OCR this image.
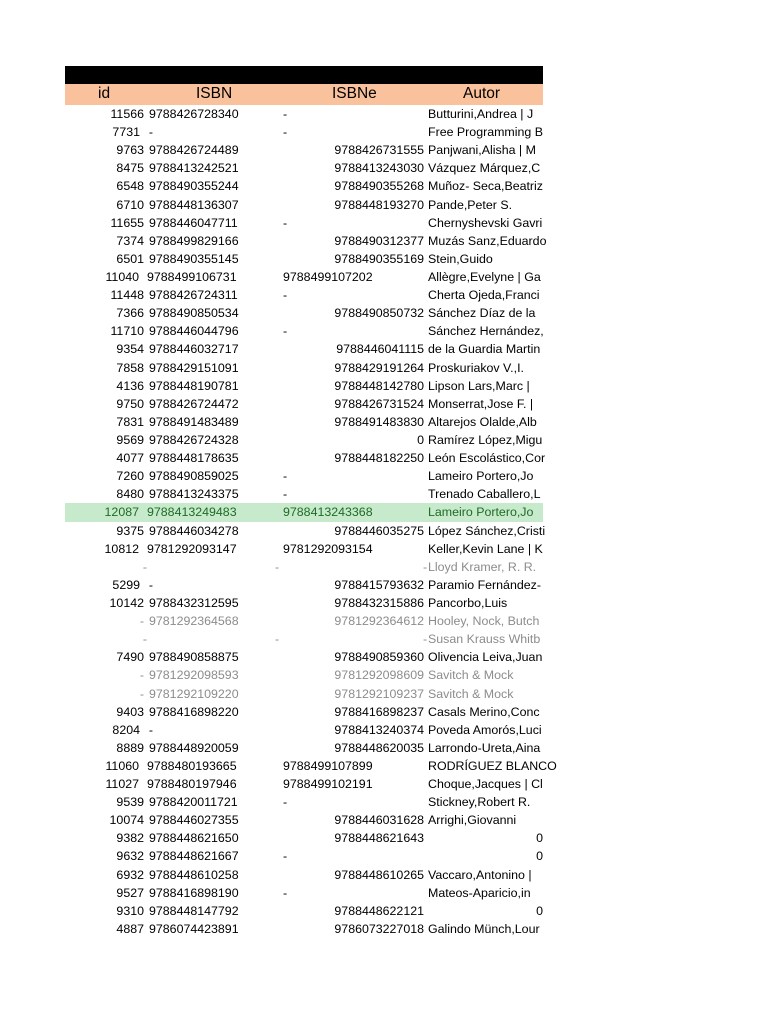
id	ISBN	ISBNe	Autor
11566 9788426728340	-	Butturini,Andrea | J
7731 -	-	Free Programming B
9763 9788426724489	9788426731555 Panjwani,Alisha | M
8475 9788413242521	9788413243030 Vázquez Márquez,C
6548 9788490355244	9788490355268 Muñoz- Seca,Beatriz
6710 9788448136307	9788448193270 Pande,Peter S.
11655 9788446047711	-	Chernyshevski Gavri
7374 9788499829166	9788490312377 Muzás Sanz,Eduardo
6501 9788490355145	9788490355169 Stein,Guido
11040 9788499106731	9788499107202	Allègre,Evelyne | Ga
11448 9788426724311	-	Cherta Ojeda,Franci
7366 9788490850534	9788490850732 Sánchez Díaz de la
11710 9788446044796	-	Sánchez Hernández,
9354 9788446032717	9788446041115 de la Guardia Martin
7858 9788429151091	9788429191264 Proskuriakov V.,I.
4136 9788448190781	9788448142780 Lipson Lars,Marc |
9750 9788426724472	9788426731524 Monserrat,Jose F. |
7831 9788491483489	9788491483830 Altarejos Olalde,Alb
9569 9788426724328	0 Ramírez López,Migu
4077 9788448178635	9788448182250 León Escolástico,Cor
7260 9788490859025	-	Lameiro Portero,Jo
8480 9788413243375	-	Trenado Caballero,L
12087 9788413249483	9788413243368	Lameiro Portero,Jo
9375 9788446034278	9788446035275 López Sánchez,Cristi
10812 9781292093147	9781292093154	Keller,Kevin Lane | K
-	-	- Lloyd Kramer, R. R.
5299 -	9788415793632 Paramio Fernández-
10142 9788432312595	9788432315886 Pancorbo,Luis
- 9781292364568	9781292364612 Hooley, Nock, Butch
-	-	- Susan Krauss Whitb
7490 9788490858875	9788490859360 Olivencia Leiva,Juan
- 9781292098593	9781292098609 Savitch & Mock
- 9781292109220	9781292109237 Savitch & Mock
9403 9788416898220	9788416898237 Casals Merino,Conc
8204 -	9788413240374 Poveda Amorós,Luci
8889 9788448920059	9788448620035 Larrondo-Ureta,Aina
11060 9788480193665	9788499107899	RODRÍGUEZ BLANCO
11027 9788480197946	9788499102191	Choque,Jacques | Cl
9539 9788420011721	-	Stickney,Robert R.
10074 9788446027355	9788446031628 Arrighi,Giovanni
9382 9788448621650	9788448621643	0
9632 9788448621667	-	0
6932 9788448610258	9788448610265 Vaccaro,Antonino |
9527 9788416898190	-	Mateos-Aparicio,in
9310 9788448147792	9788448622121	0
4887 9786074423891	9786073227018 Galindo Münch,Lour
